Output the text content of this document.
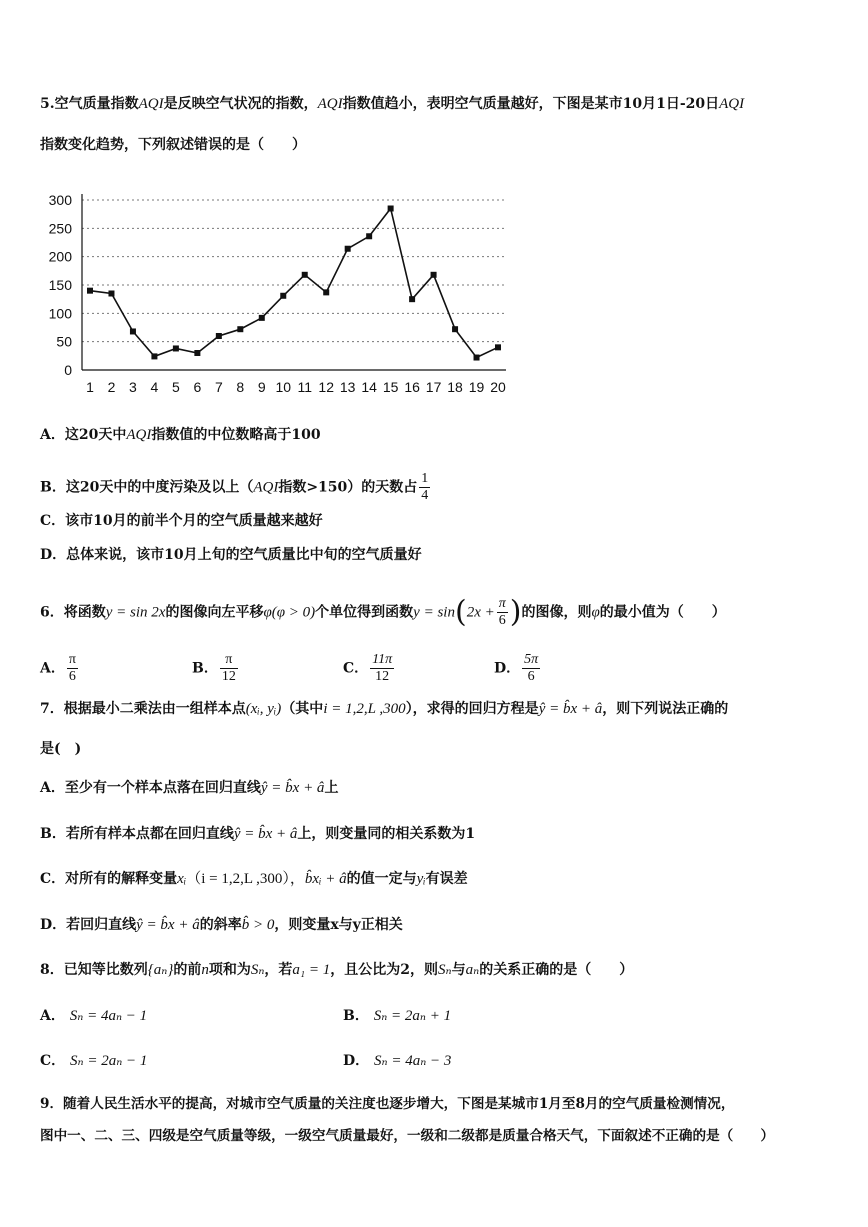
5.空气质量指数AQI是反映空气状况的指数，AQI指数值趋小，表明空气质量越好，下图是某市10月1日-20日AQI
指数变化趋势，下列叙述错误的是（　　）
0
50
100
150
200
250
300
1 2 3 4 5 6 7 8 9 10 11 12 13 14 15 16 17 18 19 20
A．这20天中AQI指数值的中位数略高于100
B．这20天中的中度污染及以上（AQI指数>150）的天数占 $\frac{1}{4}$
C．该市10月的前半个月的空气质量越来越好
D．总体来说，该市10月上旬的空气质量比中旬的空气质量好
6．将函数y = sin 2x的图像向左平移φ(φ > 0)个单位得到函数$y = \sin(2x + \frac{\pi}{6}$ )的图像，则φ的最小值为（　　）
A． $\frac{\pi}{6}$	B． $\frac{\pi}{12}$	C． $\frac{11\pi}{12}$	D． $\frac{5\pi}{6}$
7．根据最小二乘法由一组样本点(xᵢ, yᵢ)（其中i = 1,2,L ,300），求得的回归方程是ŷ = b̂x + â，则下列说法正确的
是(　)
A．至少有一个样本点落在回归直线ŷ = b̂x + â上
B．若所有样本点都在回归直线ŷ = b̂x + â上，则变量同的相关系数为1
C．对所有的解释变量xᵢ（i = 1,2,L ,300），b̂xᵢ + â的值一定与yᵢ有误差
D．若回归直线ŷ = b̂x + â的斜率b̂ > 0，则变量x与y正相关
8．已知等比数列{aₙ}的前n项和为Sₙ，若a₁ = 1，且公比为2，则Sₙ与aₙ的关系正确的是（　　）
A． Sₙ = 4aₙ − 1	B． Sₙ = 2aₙ + 1
C． Sₙ = 2aₙ − 1	D． Sₙ = 4aₙ − 3
9．随着人民生活水平的提高，对城市空气质量的关注度也逐步增大，下图是某城市1月至8月的空气质量检测情况，
图中一、二、三、四级是空气质量等级，一级空气质量最好，一级和二级都是质量合格天气，下面叙述不正确的是（　　）
